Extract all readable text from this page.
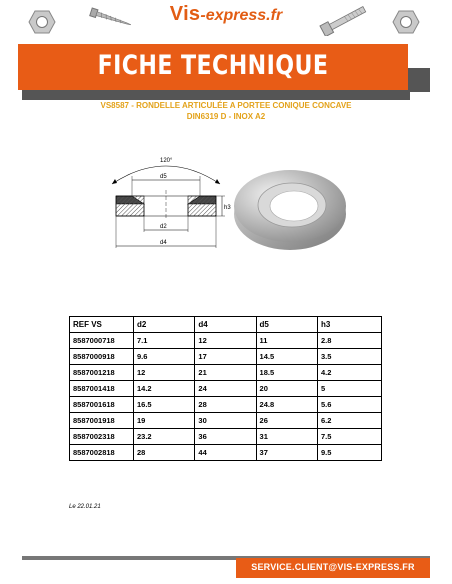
Vis-express.fr
FICHE TECHNIQUE
VS8587 - RONDELLE ARTICULÉE A PORTEE CONIQUE CONCAVE
DIN6319 D - INOX A2
120°
d5
d2
d4
h3
REF VS	d2	d4	d5	h3
8587000718	7.1	12	11	2.8
8587000918	9.6	17	14.5	3.5
8587001218	12	21	18.5	4.2
8587001418	14.2	24	20	5
8587001618	16.5	28	24.8	5.6
8587001918	19	30	26	6.2
8587002318	23.2	36	31	7.5
8587002818	28	44	37	9.5
Le 22.01.21
SERVICE.CLIENT@VIS-EXPRESS.FR
